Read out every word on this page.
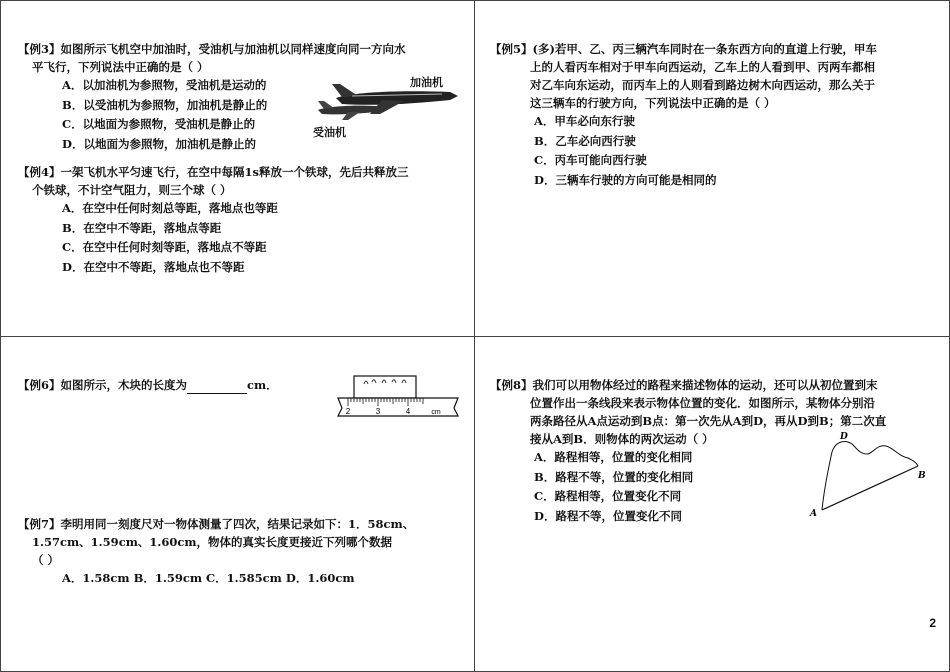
【例3】如图所示飞机空中加油时，受油机与加油机以同样速度向同一方向水
平飞行，下列说法中正确的是（ ）
A．以加油机为参照物，受油机是运动的
B．以受油机为参照物，加油机是静止的
C．以地面为参照物，受油机是静止的
D．以地面为参照物，加油机是静止的
加油机
受油机
【例4】一架飞机水平匀速飞行，在空中每隔1s释放一个铁球，先后共释放三
个铁球，不计空气阻力，则三个球（ ）
A．在空中任何时刻总等距，落地点也等距
B．在空中不等距，落地点等距
C．在空中任何时刻等距，落地点不等距
D．在空中不等距，落地点也不等距
【例5】(多)若甲、乙、丙三辆汽车同时在一条东西方向的直道上行驶，甲车
上的人看丙车相对于甲车向西运动，乙车上的人看到甲、丙两车都相
对乙车向东运动，而丙车上的人则看到路边树木向西运动，那么关于
这三辆车的行驶方向，下列说法中正确的是（ ）
A．甲车必向东行驶
B．乙车必向西行驶
C．丙车可能向西行驶
D．三辆车行驶的方向可能是相同的
【例6】如图所示，木块的长度为	cm．
2	3	4	cm
【例7】李明用同一刻度尺对一物体测量了四次，结果记录如下：1．58cm、
1.57cm、1.59cm、1.60cm，物体的真实长度更接近下列哪个数据
（ ）
A．1.58cm B．1.59cm C．1.585cm D．1.60cm
【例8】我们可以用物体经过的路程来描述物体的运动，还可以从初位置到末
位置作出一条线段来表示物体位置的变化．如图所示，某物体分别沿
两条路径从A点运动到B点：第一次先从A到D，再从D到B；第二次直
接从A到B．则物体的两次运动（ ）
A．路程相等，位置的变化相同
B．路程不等，位置的变化相同
C．路程相等，位置变化不同
D．路程不等，位置变化不同	A
B
D
2
